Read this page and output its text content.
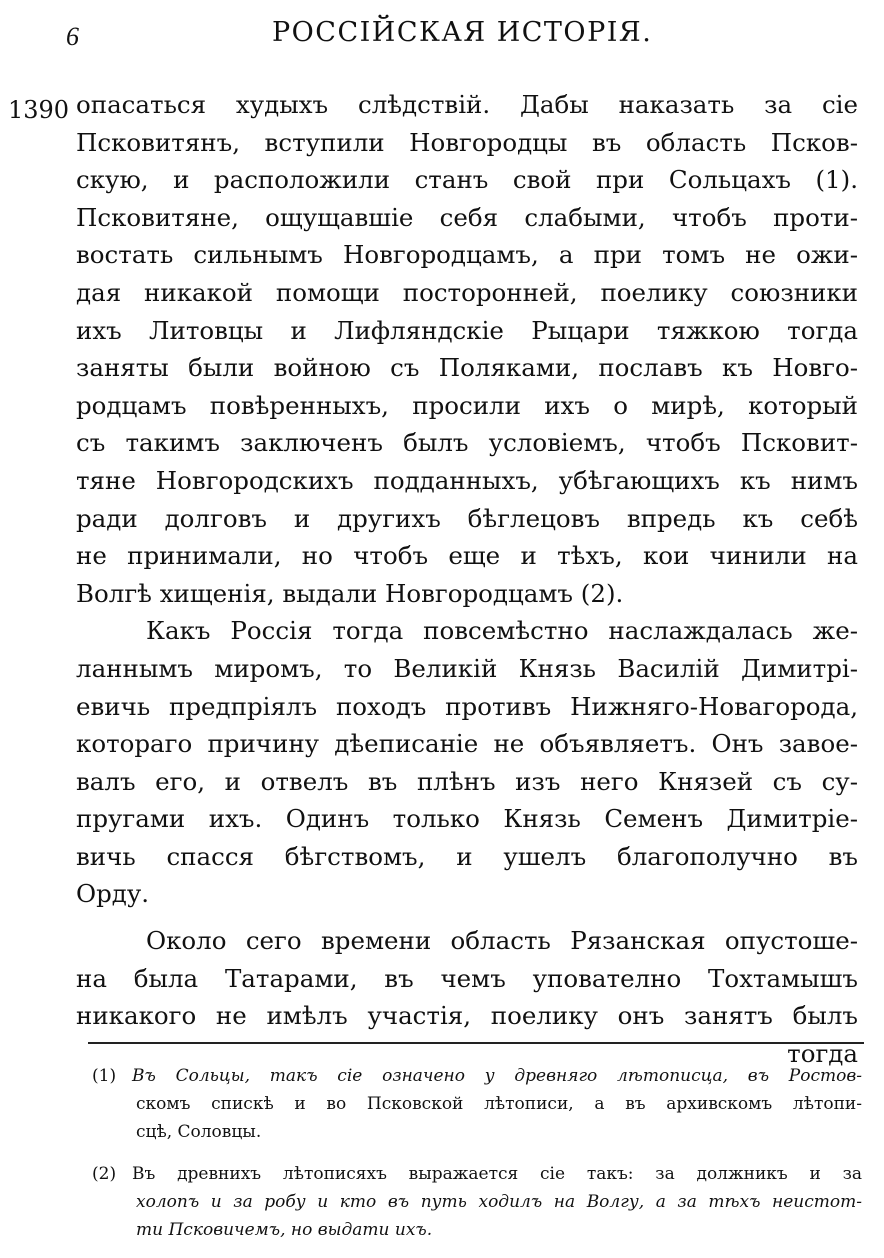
6	РОССІЙСКАЯ ИСТОРІЯ.
1390 опасаться худыхъ слѣдствій. Дабы наказать за сіе
Псковитянъ, вступили Новгородцы въ область Псков-
скую, и расположили станъ свой при Сольцахъ (1).
Псковитяне, ощущавшіе себя слабыми, чтобъ проти-
востать сильнымъ Новгородцамъ, а при томъ не ожи-
дая никакой помощи посторонней, поелику союзники
ихъ Литовцы и Лифляндскіе Рыцари тяжкою тогда
заняты были войною съ Поляками, пославъ къ Новго-
родцамъ повѣренныхъ, просили ихъ о мирѣ, который
съ такимъ заключенъ былъ условіемъ, чтобъ Псковит-
тяне Новгородскихъ подданныхъ, убѣгающихъ къ нимъ
ради долговъ и другихъ бѣглецовъ впредь къ себѣ
не принимали, но чтобъ еще и тѣхъ, кои чинили на
Волгѣ хищенія, выдали Новгородцамъ (2).
Какъ Россія тогда повсемѣстно наслаждалась же-
ланнымъ миромъ, то Великій Князь Василій Димитрі-
евичь предпріялъ походъ противъ Нижняго-Новагорода,
котораго причину дѣеписаніе не объявляетъ. Онъ завое-
валъ его, и отвелъ въ плѣнъ изъ него Князей съ су-
пругами ихъ. Одинъ только Князь Семенъ Димитріе-
вичь спасся бѣгствомъ, и ушелъ благополучно въ
Орду.
Около сего времени область Рязанская опустоше-
на была Татарами, въ чемъ упователно Тохтамышъ
никакого не имѣлъ участія, поелику онъ занятъ былъ
тогда
(1) Въ Сольцы, такъ сіе означено у древняго лѣтописца, въ Ростов-
скомъ спискѣ и во Псковской лѣтописи, а въ архивскомъ лѣтопи-
сцѣ, Соловцы.
(2) Въ древнихъ лѣтописяхъ выражается сіе такъ: за должникъ и за
холопъ и за робу и кто въ путь ходилъ на Волгу, а за тѣхъ неистот-
ти Псковичемъ, но выдати ихъ.
